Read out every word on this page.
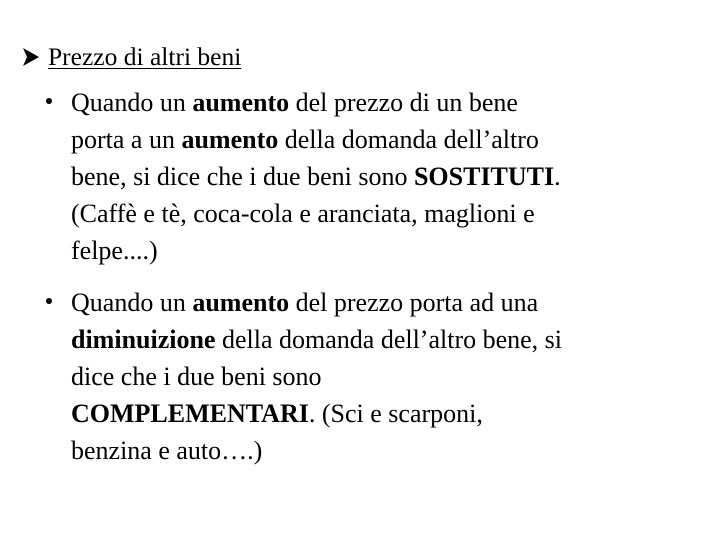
Prezzo di altri beni
Quando un aumento del prezzo di un bene
porta a un aumento della domanda dell’altro
bene, si dice che i due beni sono SOSTITUTI.
(Caffè e tè, coca-cola e aranciata, maglioni e
felpe....)
Quando un aumento del prezzo porta ad una
diminuizione della domanda dell’altro bene, si
dice che i due beni sono
COMPLEMENTARI. (Sci e scarponi,
benzina e auto….)
